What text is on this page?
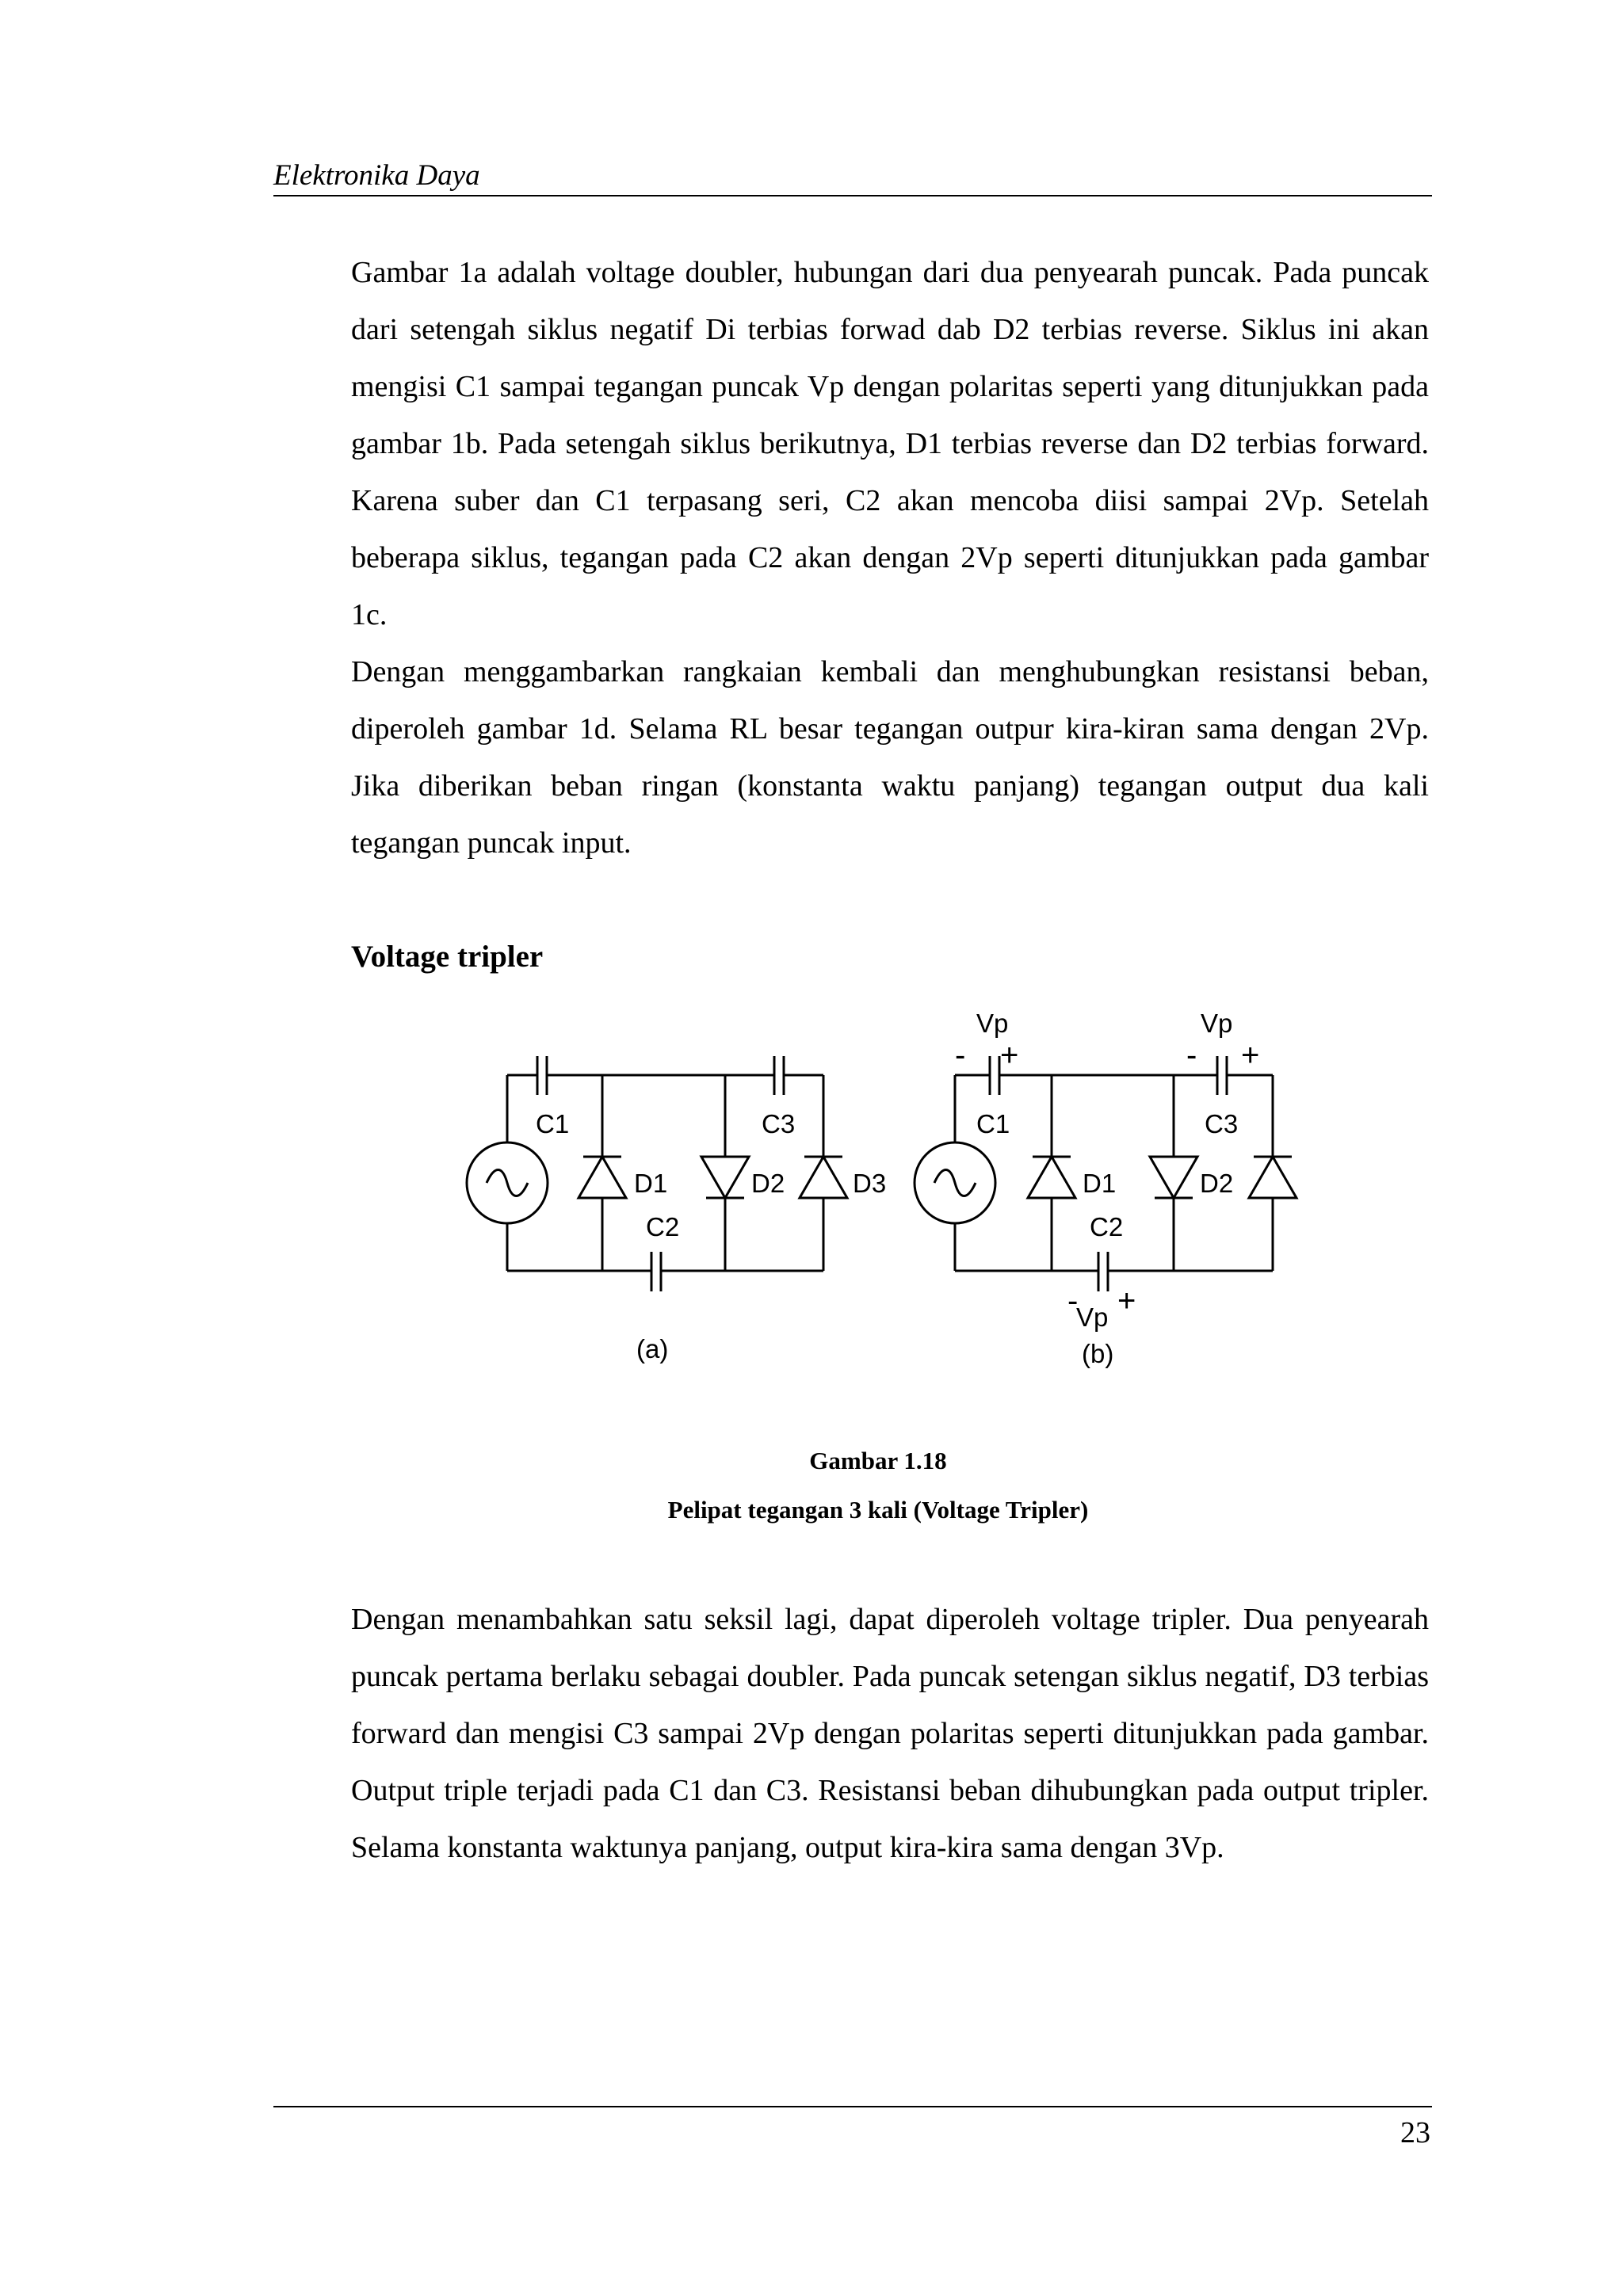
Elektronika Daya

Gambar 1a adalah voltage doubler, hubungan dari dua penyearah puncak. Pada puncak dari setengah siklus negatif Di terbias forwad dab D2 terbias reverse. Siklus ini akan mengisi C1 sampai tegangan puncak Vp dengan polaritas seperti yang ditunjukkan pada gambar 1b. Pada setengah siklus berikutnya, D1 terbias reverse dan D2 terbias forward. Karena suber dan C1 terpasang seri, C2 akan mencoba diisi sampai 2Vp. Setelah beberapa siklus, tegangan pada C2 akan dengan 2Vp seperti ditunjukkan pada gambar 1c.

Dengan menggambarkan rangkaian kembali dan menghubungkan resistansi beban, diperoleh gambar 1d. Selama RL besar tegangan outpur kira-kiran sama dengan 2Vp. Jika diberikan beban ringan (konstanta waktu panjang) tegangan output dua kali tegangan puncak input.

Voltage tripler
C1	C3
D1	D2	D3
C2
(a)
Vp
- +
Vp
- +
C1	C3
D1	D2
C2
- +
Vp
(b)

Gambar 1.18

Pelipat tegangan 3 kali (Voltage Tripler)

Dengan menambahkan satu seksil lagi, dapat diperoleh voltage tripler. Dua penyearah puncak pertama berlaku sebagai doubler. Pada puncak setengan siklus negatif, D3 terbias forward dan mengisi C3 sampai 2Vp dengan polaritas seperti ditunjukkan pada gambar. Output triple terjadi pada C1 dan C3. Resistansi beban dihubungkan pada output tripler. Selama konstanta waktunya panjang, output kira-kira sama dengan 3Vp.

23
